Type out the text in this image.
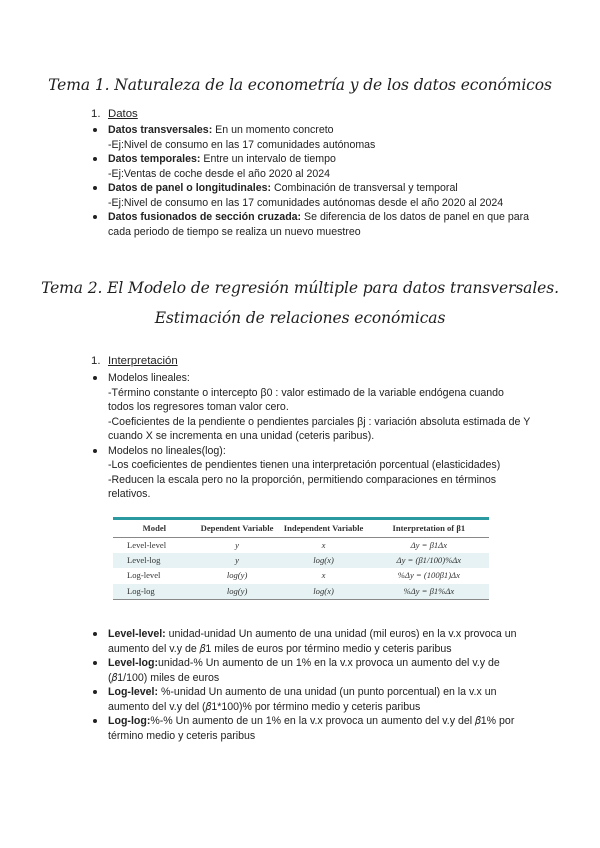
Tema 1. Naturaleza de la econometría y de los datos económicos
1. Datos
Datos transversales: En un momento concreto
-Ej:Nivel de consumo en las 17 comunidades autónomas
Datos temporales: Entre un intervalo de tiempo
-Ej:Ventas de coche desde el año 2020 al 2024
Datos de panel o longitudinales: Combinación de transversal y temporal
-Ej:Nivel de consumo en las 17 comunidades autónomas desde el año 2020 al 2024
Datos fusionados de sección cruzada: Se diferencia de los datos de panel en que para cada periodo de tiempo se realiza un nuevo muestreo
Tema 2. El Modelo de regresión múltiple para datos transversales.
Estimación de relaciones económicas
1. Interpretación
Modelos lineales:
-Término constante o intercepto β0 : valor estimado de la variable endógena cuando todos los regresores toman valor cero.
-Coeficientes de la pendiente o pendientes parciales βj : variación absoluta estimada de Y cuando X se incrementa en una unidad (ceteris paribus).
Modelos no lineales(log):
-Los coeficientes de pendientes tienen una interpretación porcentual (elasticidades)
-Reducen la escala pero no la proporción, permitiendo comparaciones en términos relativos.
Model	Dependent Variable	Independent Variable	Interpretation of β1
Level-level	y	x	Δy = β1Δx
Level-log	y	log(x)	Δy = (β1/100)%Δx
Log-level	log(y)	x	%Δy = (100β1)Δx
Log-log	log(y)	log(x)	%Δy = β1%Δx
Level-level: unidad-unidad Un aumento de una unidad (mil euros) en la v.x provoca un aumento del v.y de 𝛽1 miles de euros por término medio y ceteris paribus
Level-log:unidad-% Un aumento de un 1% en la v.x provoca un aumento del v.y de (𝛽1/100) miles de euros
Log-level: %-unidad Un aumento de una unidad (un punto porcentual) en la v.x un aumento del v.y del (𝛽1*100)% por término medio y ceteris paribus
Log-log:%-% Un aumento de un 1% en la v.x provoca un aumento del v.y del 𝛽1% por término medio y ceteris paribus
